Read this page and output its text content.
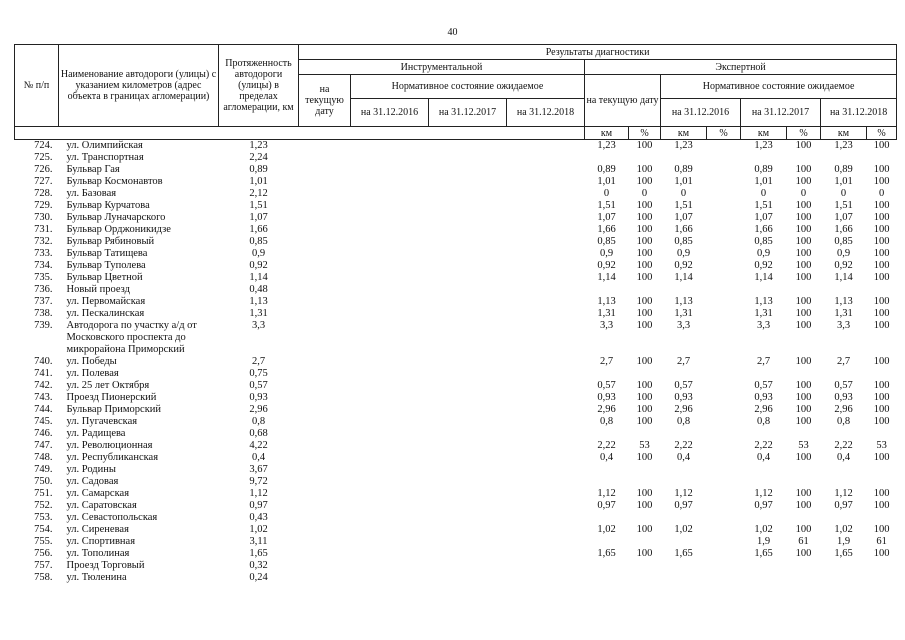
40
№ п/п	Наименование автодороги (улицы) с указанием километров (адрес объекта в границах агломерации)	Протяженность автодороги (улицы) в пределах агломерации, км	Результаты диагностики											
			Инструментальной				Экспертной							
			на текущую дату	Нормативное состояние ожидаемое			на текущую дату		Нормативное состояние ожидаемое					
				на 31.12.2016	на 31.12.2017	на 31.12.2018			на 31.12.2016		на 31.12.2017		на 31.12.2018	
							км	%	км	%	км	%	км	%
724.	ул. Олимпийская	1,23					1,23	100	1,23		1,23	100	1,23	100
725.	ул. Транспортная	2,24												
726.	Бульвар Гая	0,89					0,89	100	0,89		0,89	100	0,89	100
727.	Бульвар Космонавтов	1,01					1,01	100	1,01		1,01	100	1,01	100
728.	ул. Базовая	2,12					0	0	0		0	0	0	0
729.	Бульвар Курчатова	1,51					1,51	100	1,51		1,51	100	1,51	100
730.	Бульвар Луначарского	1,07					1,07	100	1,07		1,07	100	1,07	100
731.	Бульвар Орджоникидзе	1,66					1,66	100	1,66		1,66	100	1,66	100
732.	Бульвар Рябиновый	0,85					0,85	100	0,85		0,85	100	0,85	100
733.	Бульвар Татищева	0,9					0,9	100	0,9		0,9	100	0,9	100
734.	Бульвар Туполева	0,92					0,92	100	0,92		0,92	100	0,92	100
735.	Бульвар Цветной	1,14					1,14	100	1,14		1,14	100	1,14	100
736.	Новый проезд	0,48												
737.	ул. Первомайская	1,13					1,13	100	1,13		1,13	100	1,13	100
738.	ул. Пескалинская	1,31					1,31	100	1,31		1,31	100	1,31	100
739.	Автодорога по участку а/д от Московского проспекта до микрорайона Приморский	3,3					3,3	100	3,3		3,3	100	3,3	100
740.	ул. Победы	2,7					2,7	100	2,7		2,7	100	2,7	100
741.	ул. Полевая	0,75												
742.	ул. 25 лет Октября	0,57					0,57	100	0,57		0,57	100	0,57	100
743.	Проезд Пионерский	0,93					0,93	100	0,93		0,93	100	0,93	100
744.	Бульвар Приморский	2,96					2,96	100	2,96		2,96	100	2,96	100
745.	ул. Пугачевская	0,8					0,8	100	0,8		0,8	100	0,8	100
746.	ул. Радищева	0,68												
747.	ул. Революционная	4,22					2,22	53	2,22		2,22	53	2,22	53
748.	ул. Республиканская	0,4					0,4	100	0,4		0,4	100	0,4	100
749.	ул. Родины	3,67												
750.	ул. Садовая	9,72												
751.	ул. Самарская	1,12					1,12	100	1,12		1,12	100	1,12	100
752.	ул. Саратовская	0,97					0,97	100	0,97		0,97	100	0,97	100
753.	ул. Севастопольская	0,43												
754.	ул. Сиреневая	1,02					1,02	100	1,02		1,02	100	1,02	100
755.	ул. Спортивная	3,11									1,9	61	1,9	61
756.	ул. Тополиная	1,65					1,65	100	1,65		1,65	100	1,65	100
757.	Проезд Торговый	0,32												
758.	ул. Тюленина	0,24												
